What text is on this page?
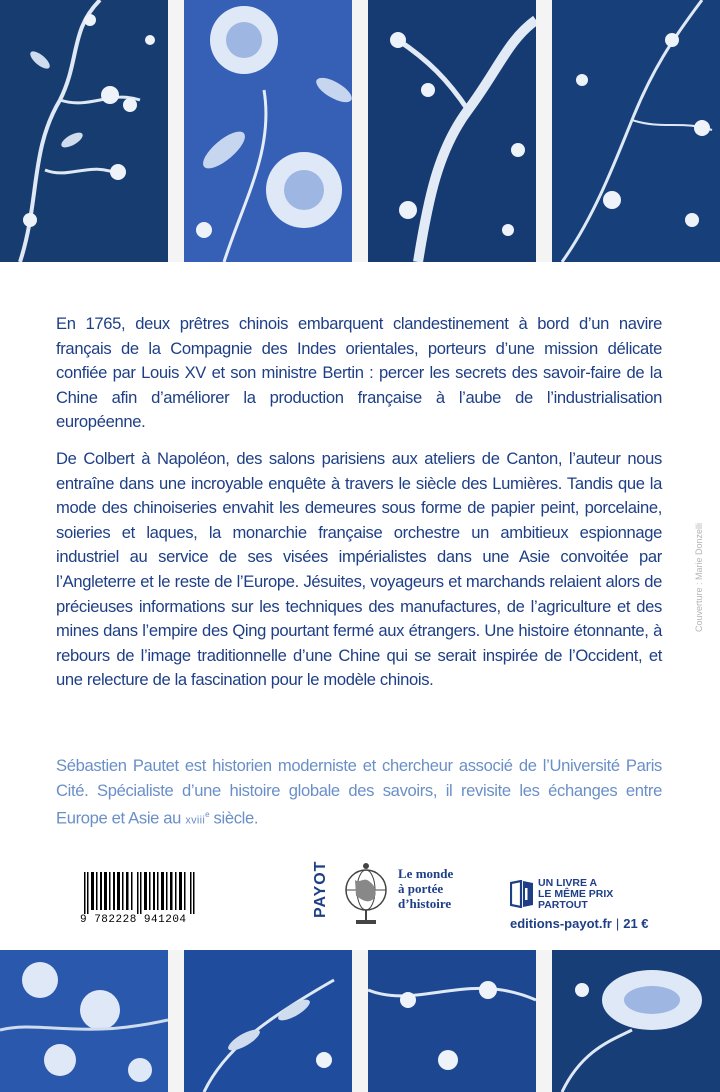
En 1765, deux prêtres chinois embarquent clandestinement à bord d’un navire français de la Compagnie des Indes orientales, porteurs d’une mission délicate confiée par Louis XV et son ministre Bertin : percer les secrets des savoir-faire de la Chine afin d’améliorer la production française à l’aube de l’industrialisation européenne.

De Colbert à Napoléon, des salons parisiens aux ateliers de Canton, l’auteur nous entraîne dans une incroyable enquête à travers le siècle des Lumières. Tandis que la mode des chinoiseries envahit les demeures sous forme de papier peint, porcelaine, soieries et laques, la monarchie française orchestre un ambitieux espionnage industriel au service de ses visées impérialistes dans une Asie convoitée par l’Angleterre et le reste de l’Europe. Jésuites, voyageurs et marchands relaient alors de précieuses informations sur les techniques des manufactures, de l’agriculture et des mines dans l’empire des Qing pourtant fermé aux étrangers. Une histoire étonnante, à rebours de l’image traditionnelle d’une Chine qui se serait inspirée de l’Occident, et une relecture de la fascination pour le modèle chinois.

Sébastien Pautet est historien moderniste et chercheur associé de l’Université Paris Cité. Spécialiste d’une histoire globale des savoirs, il revisite les échanges entre Europe et Asie au xviii$^e$ siècle.

Couverture : Marie Donzelli
9 782228 941204
PAYOT	Le monde
à portée
d’histoire
UN LIVRE A
LE MÊME PRIX
PARTOUT
editions-payot.fr | 21 €
